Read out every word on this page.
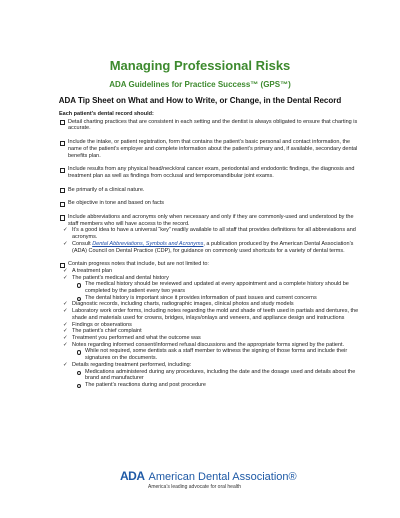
Managing Professional Risks
ADA Guidelines for Practice Success™ (GPS™)
ADA Tip Sheet on What and How to Write, or Change, in the Dental Record
Each patient’s dental record should:
Detail charting practices that are consistent in each setting and the dentist is always obligated to ensure that charting is accurate.
Include the intake, or patient registration, form that contains the patient’s basic personal and contact information, the name of the patient’s employer and complete information about the patient’s primary and, if available, secondary dental benefits plan.
Include results from any physical head/neck/oral cancer exam, periodontal and endodontic findings, the diagnosis and treatment plan as well as findings from occlusal and temporomandibular joint exams.
Be primarily of a clinical nature.
Be objective in tone and based on facts
Include abbreviations and acronyms only when necessary and only if they are commonly-used and understood by the staff members who will have access to the record.
✓ It’s a good idea to have a universal “key” readily available to all staff that provides definitions for all abbreviations and acronyms.
✓ Consult Dental Abbreviations, Symbols and Acronyms, a publication produced by the American Dental Association’s (ADA) Council on Dental Practice (CDP), for guidance on commonly used shortcuts for a variety of dental terms.
Contain progress notes that include, but are not limited to:
✓ A treatment plan
✓ The patient’s medical and dental history
The medical history should be reviewed and updated at every appointment and a complete history should be completed by the patient every two years
The dental history is important since it provides information of past issues and current concerns
✓ Diagnostic records, including charts, radiographic images, clinical photos and study models
✓ Laboratory work order forms, including notes regarding the mold and shade of teeth used in partials and dentures, the shade and materials used for crowns, bridges, inlays/onlays and veneers, and appliance design and instructions
✓ Findings or observations
✓ The patient’s chief complaint
✓ Treatment you performed and what the outcome was
✓ Notes regarding informed consent/informed refusal discussions and the appropriate forms signed by the patient.
While not required, some dentists ask a staff member to witness the signing of those forms and include their signatures on the documents.
✓ Details regarding treatment performed, including:
Medications administered during any procedures, including the date and the dosage used and details about the brand and manufacturer
The patient’s reactions during and post procedure
ADA American Dental Association®
America’s leading advocate for oral health
